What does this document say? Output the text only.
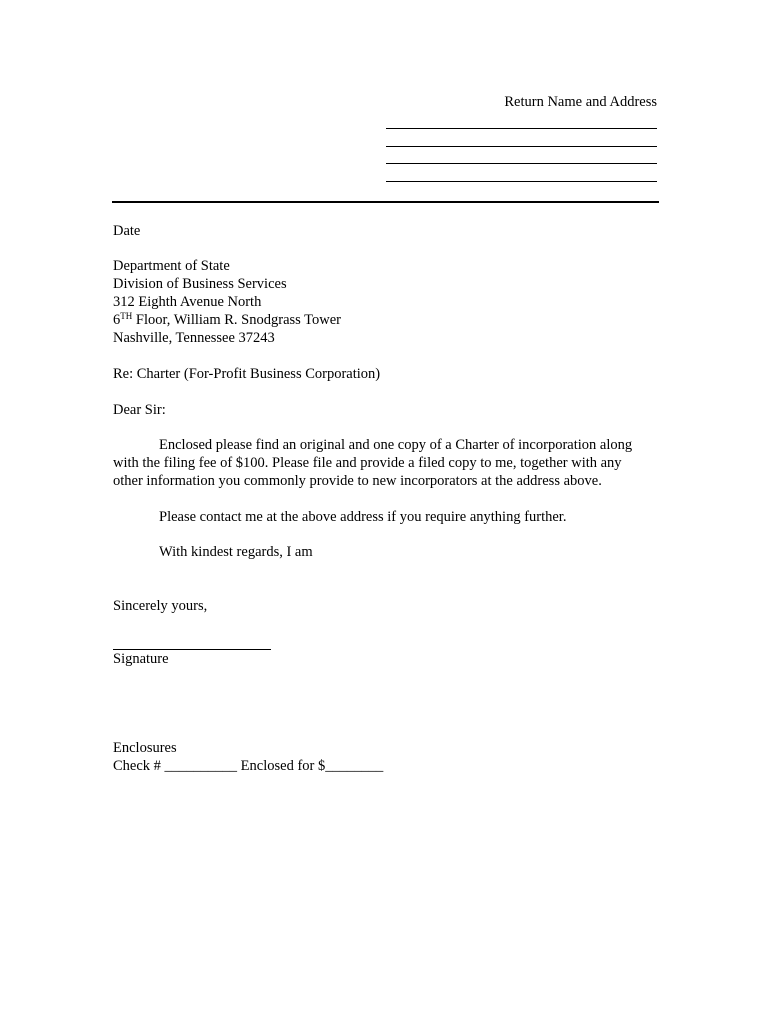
Return Name and Address
Date
Department of State
Division of Business Services
312 Eighth Avenue North
6TH Floor, William R. Snodgrass Tower
Nashville, Tennessee 37243
Re: Charter (For-Profit Business Corporation)
Dear Sir:
Enclosed please find an original and one copy of a Charter of incorporation along
with the filing fee of $100. Please file and provide a filed copy to me, together with any
other information you commonly provide to new incorporators at the address above.
Please contact me at the above address if you require anything further.
With kindest regards, I am
Sincerely yours,
Signature
Enclosures
Check # __________ Enclosed for $________
